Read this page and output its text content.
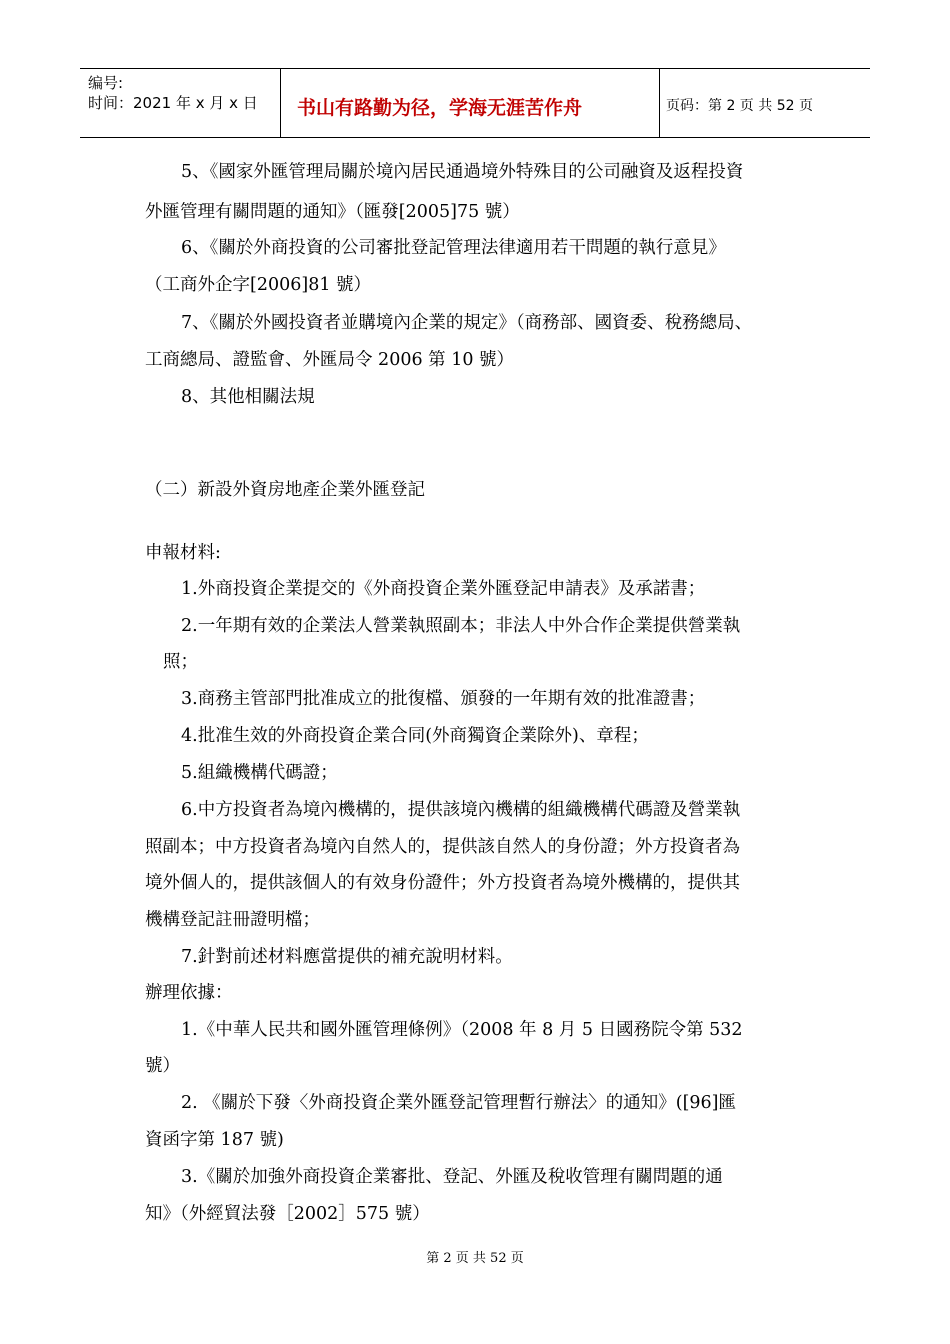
编号:
时间：2021 年 x 月 x 日	书山有路勤为径，学海无涯苦作舟	页码：第 2 页 共 52 页
5、《國家外匯管理局關於境內居民通過境外特殊目的公司融資及返程投資
外匯管理有關問題的通知》（匯發[2005]75 號）
6、《關於外商投資的公司審批登記管理法律適用若干問題的執行意見》
（工商外企字[2006]81 號）
7、《關於外國投資者並購境內企業的規定》（商務部、國資委、稅務總局、
工商總局、證監會、外匯局令 2006 第 10 號）
8、其他相關法規
（二）新設外資房地產企業外匯登記
申報材料:
1.外商投資企業提交的《外商投資企業外匯登記申請表》及承諾書；
2.一年期有效的企業法人營業執照副本；非法人中外合作企業提供營業執
照；
3.商務主管部門批准成立的批復檔、頒發的一年期有效的批准證書；
4.批准生效的外商投資企業合同(外商獨資企業除外)、章程；
5.組織機構代碼證；
6.中方投資者為境內機構的，提供該境內機構的組織機構代碼證及營業執
照副本；中方投資者為境內自然人的，提供該自然人的身份證；外方投資者為
境外個人的，提供該個人的有效身份證件；外方投資者為境外機構的，提供其
機構登記註冊證明檔；
7.針對前述材料應當提供的補充說明材料。
辦理依據：
1.《中華人民共和國外匯管理條例》（2008 年 8 月 5 日國務院令第 532
號）
2. 《關於下發〈外商投資企業外匯登記管理暫行辦法〉的通知》([96]匯
資函字第 187 號)
3.《關於加強外商投資企業審批、登記、外匯及稅收管理有關問題的通
知》（外經貿法發［2002］575 號）
第 2 页 共 52 页
